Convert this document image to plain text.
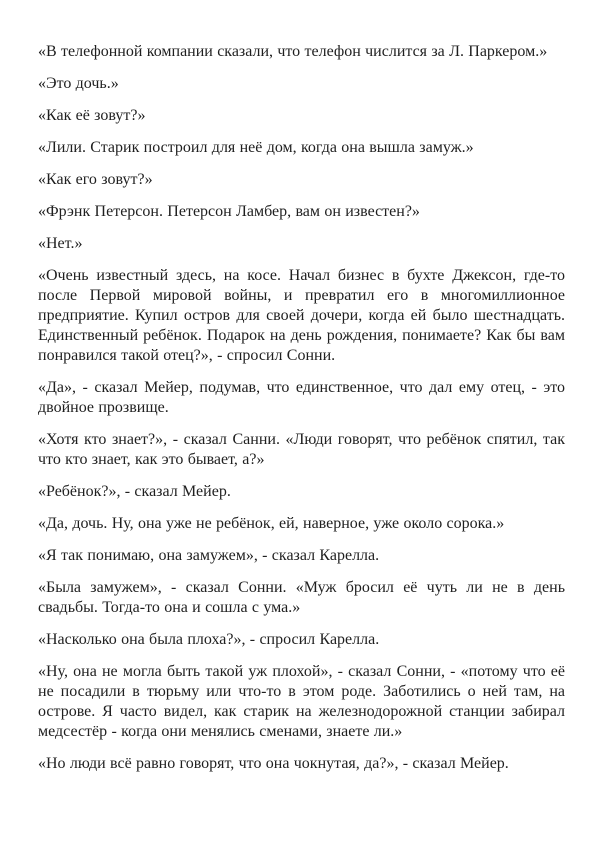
«В телефонной компании сказали, что телефон числится за Л. Паркером.»

«Это дочь.»

«Как её зовут?»

«Лили. Старик построил для неё дом, когда она вышла замуж.»

«Как его зовут?»

«Фрэнк Петерсон. Петерсон Ламбер, вам он известен?»

«Нет.»

«Очень известный здесь, на косе. Начал бизнес в бухте Джексон, где-то после Первой мировой войны, и превратил его в многомиллионное предприятие. Купил остров для своей дочери, когда ей было шестнадцать. Единственный ребёнок. Подарок на день рождения, понимаете? Как бы вам понравился такой отец?», - спросил Сонни.

«Да», - сказал Мейер, подумав, что единственное, что дал ему отец, - это двойное прозвище.

«Хотя кто знает?», - сказал Санни. «Люди говорят, что ребёнок спятил, так что кто знает, как это бывает, а?»

«Ребёнок?», - сказал Мейер.

«Да, дочь. Ну, она уже не ребёнок, ей, наверное, уже около сорока.»

«Я так понимаю, она замужем», - сказал Карелла.

«Была замужем», - сказал Сонни. «Муж бросил её чуть ли не в день свадьбы. Тогда-то она и сошла с ума.»

«Насколько она была плоха?», - спросил Карелла.

«Ну, она не могла быть такой уж плохой», - сказал Сонни, - «потому что её не посадили в тюрьму или что-то в этом роде. Заботились о ней там, на острове. Я часто видел, как старик на железнодорожной станции забирал медсестёр - когда они менялись сменами, знаете ли.»

«Но люди всё равно говорят, что она чокнутая, да?», - сказал Мейер.
